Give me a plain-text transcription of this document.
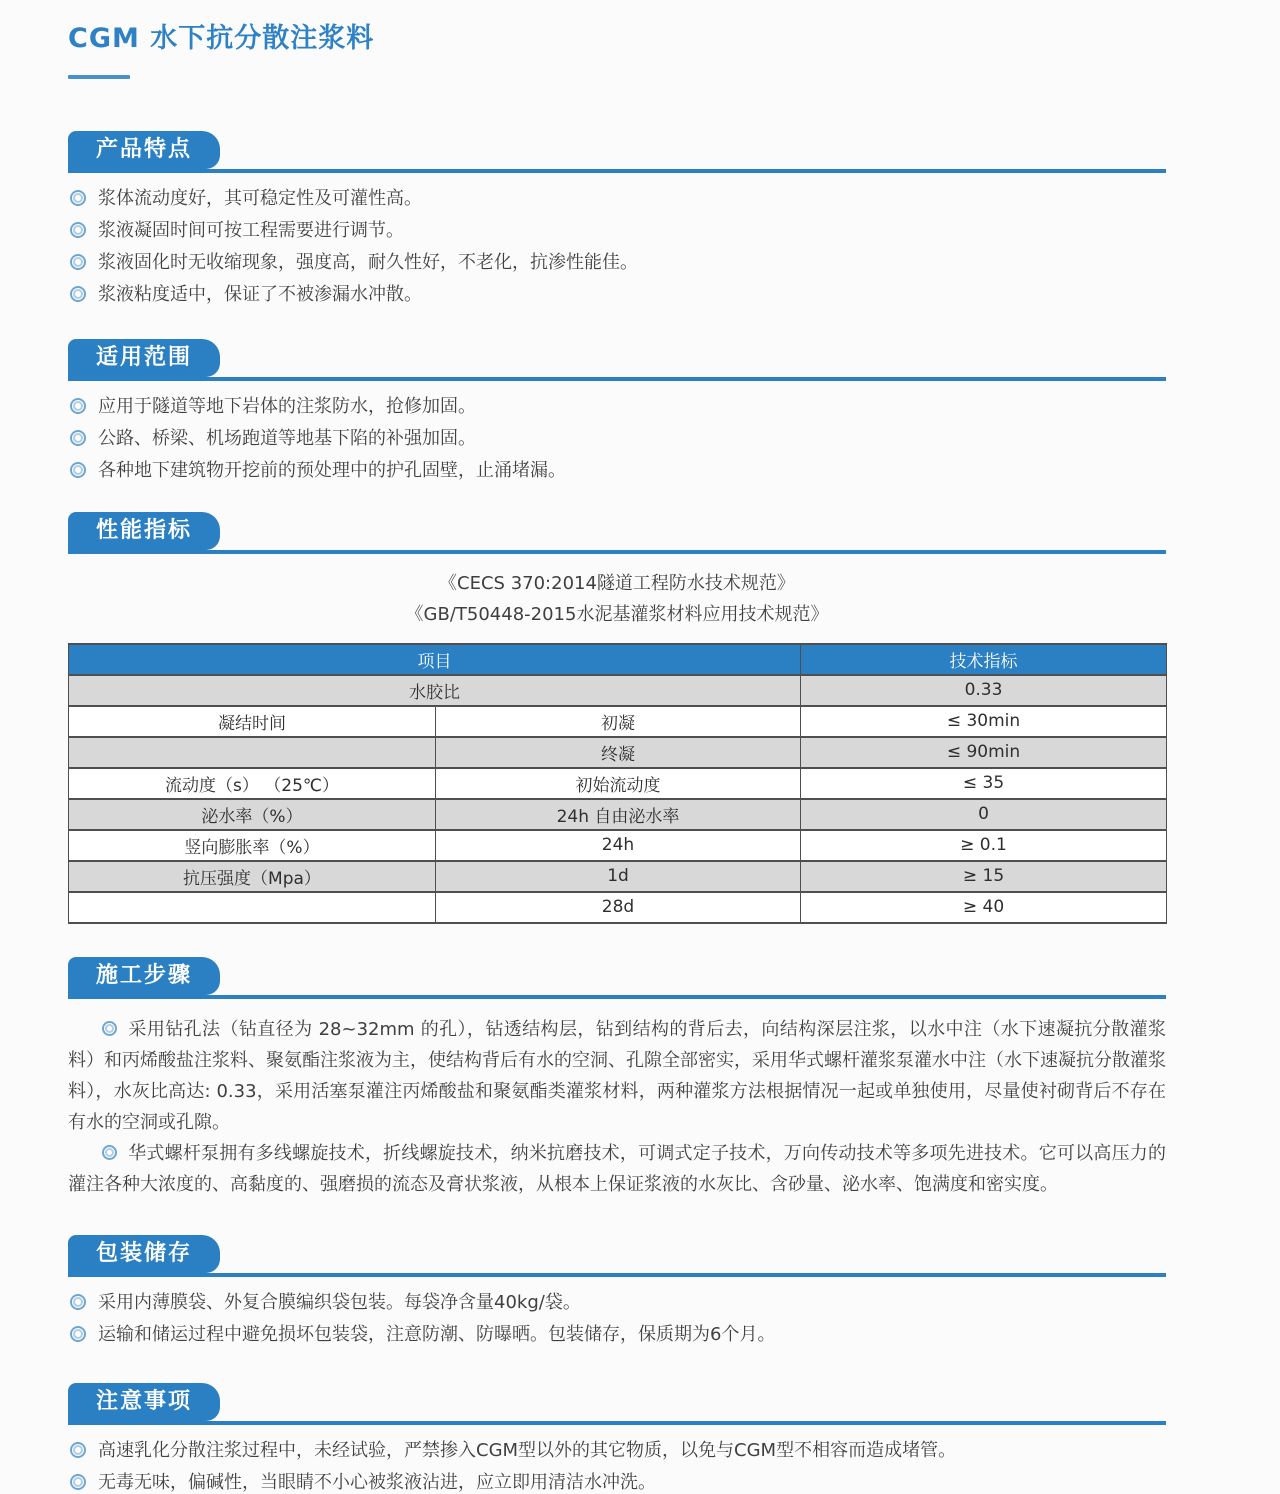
CGM 水下抗分散注浆料
产品特点
浆体流动度好，其可稳定性及可灌性高。
浆液凝固时间可按工程需要进行调节。
浆液固化时无收缩现象，强度高，耐久性好，不老化，抗渗性能佳。
浆液粘度适中，保证了不被渗漏水冲散。
适用范围
应用于隧道等地下岩体的注浆防水，抢修加固。
公路、桥梁、机场跑道等地基下陷的补强加固。
各种地下建筑物开挖前的预处理中的护孔固壁，止涌堵漏。
性能指标
《CECS 370:2014隧道工程防水技术规范》
《GB/T50448-2015水泥基灌浆材料应用技术规范》
项目		技术指标
水胶比		0.33
凝结时间	初凝	≤ 30min
	终凝	≤ 90min
流动度（s） （25℃）	初始流动度	≤ 35
泌水率（%）	24h 自由泌水率	0
竖向膨胀率（%）	24h	≥ 0.1
抗压强度（Mpa）	1d	≥ 15
	28d	≥ 40
施工步骤

采用钻孔法（钻直径为 28~32mm 的孔），钻透结构层，钻到结构的背后去，向结构深层注浆，以水中注（水下速凝抗分散灌浆料）和丙烯酸盐注浆料、聚氨酯注浆液为主，使结构背后有水的空洞、孔隙全部密实，采用华式螺杆灌浆泵灌水中注（水下速凝抗分散灌浆料），水灰比高达: 0.33，采用活塞泵灌注丙烯酸盐和聚氨酯类灌浆材料，两种灌浆方法根据情况一起或单独使用，尽量使衬砌背后不存在有水的空洞或孔隙。

华式螺杆泵拥有多线螺旋技术，折线螺旋技术，纳米抗磨技术，可调式定子技术，万向传动技术等多项先进技术。它可以高压力的灌注各种大浓度的、高黏度的、强磨损的流态及膏状浆液，从根本上保证浆液的水灰比、含砂量、泌水率、饱满度和密实度。

包装储存
采用内薄膜袋、外复合膜编织袋包装。每袋净含量40kg/袋。
运输和储运过程中避免损坏包装袋，注意防潮、防曝晒。包装储存，保质期为6个月。
注意事项
高速乳化分散注浆过程中，未经试验，严禁掺入CGM型以外的其它物质，以免与CGM型不相容而造成堵管。
无毒无味，偏碱性，当眼睛不小心被浆液沾进，应立即用清洁水冲洗。
